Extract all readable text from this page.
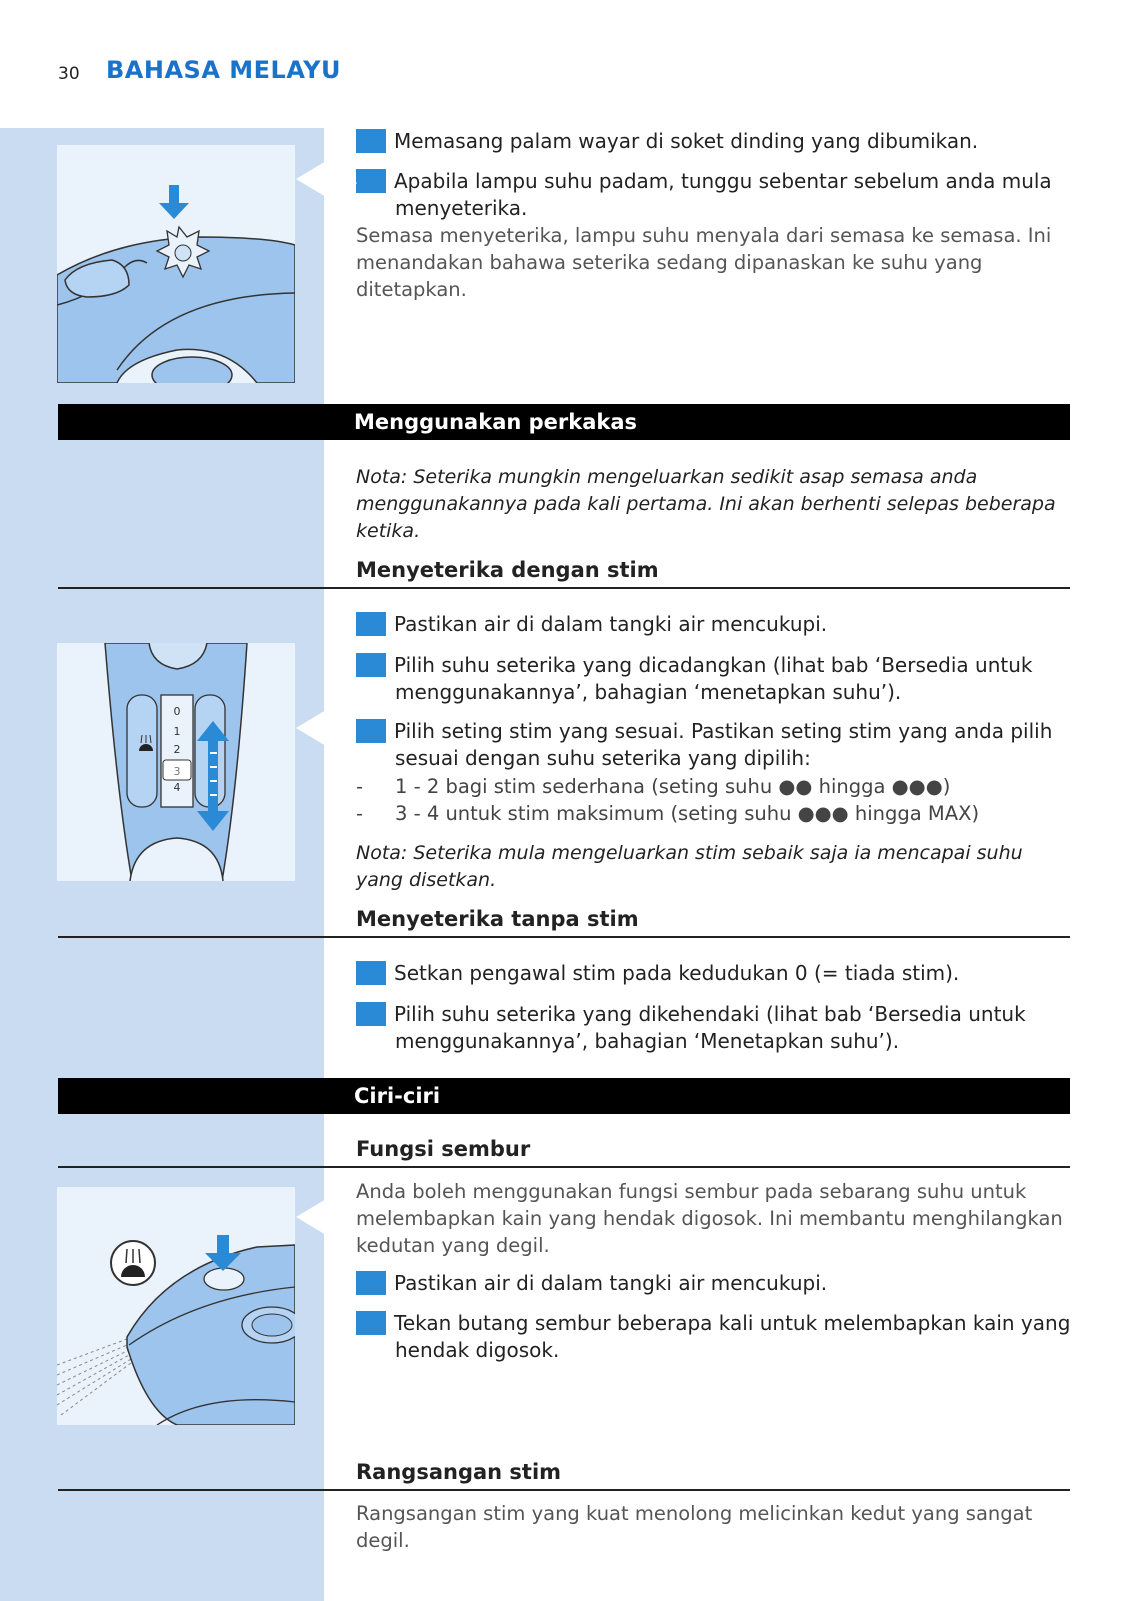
30 BAHASA MELAYU
3 Memasang palam wayar di soket dinding yang dibumikan.
4 Apabila lampu suhu padam, tunggu sebentar sebelum anda mula menyeterika.
Semasa menyeterika, lampu suhu menyala dari semasa ke semasa. Ini menandakan bahawa seterika sedang dipanaskan ke suhu yang ditetapkan.
Menggunakan perkakas
Nota: Seterika mungkin mengeluarkan sedikit asap semasa anda menggunakannya pada kali pertama. Ini akan berhenti selepas beberapa ketika.
Menyeterika dengan stim
0
1
2
4
3
1 Pastikan air di dalam tangki air mencukupi.
2 Pilih suhu seterika yang dicadangkan (lihat bab ‘Bersedia untuk menggunakannya’, bahagian ‘menetapkan suhu’).
3 Pilih seting stim yang sesuai. Pastikan seting stim yang anda pilih sesuai dengan suhu seterika yang dipilih:
- 1 - 2 bagi stim sederhana (seting suhu ●● hingga ●●●)
- 3 - 4 untuk stim maksimum (seting suhu ●●● hingga MAX)
Nota: Seterika mula mengeluarkan stim sebaik saja ia mencapai suhu yang disetkan.
Menyeterika tanpa stim
1 Setkan pengawal stim pada kedudukan 0 (= tiada stim).
2 Pilih suhu seterika yang dikehendaki (lihat bab ‘Bersedia untuk menggunakannya’, bahagian ‘Menetapkan suhu’).
Ciri-ciri
Fungsi sembur
Anda boleh menggunakan fungsi sembur pada sebarang suhu untuk melembapkan kain yang hendak digosok. Ini membantu menghilangkan kedutan yang degil.
1 Pastikan air di dalam tangki air mencukupi.
2 Tekan butang sembur beberapa kali untuk melembapkan kain yang hendak digosok.
Rangsangan stim
Rangsangan stim yang kuat menolong melicinkan kedut yang sangat degil.
